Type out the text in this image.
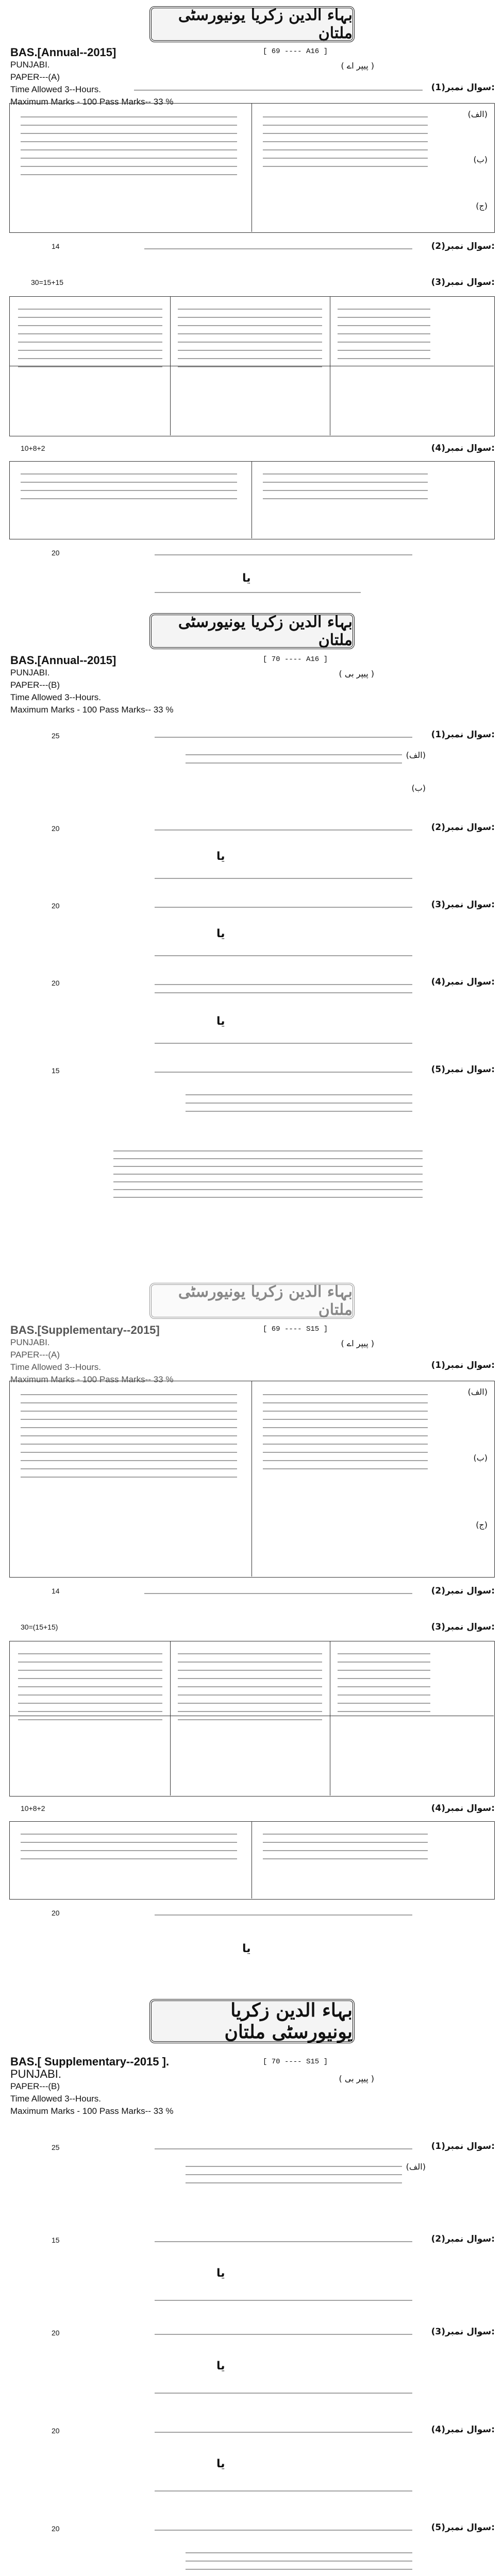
بہاء الدین زکریا یونیورسٹی ملتان
BAS.[Annual--2015]
PUNJABI.
PAPER---(A)
Time Allowed 3--Hours.
Maximum Marks - 100 Pass Marks-- 33 %
[ 69 ---- A16 ]
( پیپر اے )
سوال نمبر(1):
(الف)
(ب)
(ج)
14	سوال نمبر(2):
30=15+15	سوال نمبر(3):
10+8+2	سوال نمبر(4):
20
یا
بہاء الدین زکریا یونیورسٹی ملتان
BAS.[Annual--2015]
PUNJABI.
PAPER---(B)
Time Allowed 3--Hours.
Maximum Marks - 100 Pass Marks-- 33 %
[ 70 ---- A16 ]
( پیپر بی )
25	سوال نمبر(1):
(الف)
(ب)
20	سوال نمبر(2):
یا
20	سوال نمبر(3):
یا
20	سوال نمبر(4):
یا
15	سوال نمبر(5):
بہاء الدین زکریا یونیورسٹی ملتان
BAS.[Supplementary--2015]
PUNJABI.
PAPER---(A)
Time Allowed 3--Hours.
Maximum Marks - 100 Pass Marks-- 33 %
[ 69 ---- S15 ]
( پیپر اے )
سوال نمبر(1):
(الف)
(ب)
(ج)
14	سوال نمبر(2):
30=(15+15)	سوال نمبر(3):
10+8+2	سوال نمبر(4):
20
یا
بہاء الدین زکریا یونیورسٹی ملتان
BAS.[ Supplementary--2015 ].
PUNJABI.
PAPER---(B)
Time Allowed 3--Hours.
Maximum Marks - 100 Pass Marks-- 33 %
[ 70 ---- S15 ]
( پیپر بی )
25	سوال نمبر(1):
(الف)
15	سوال نمبر(2):
یا
20	سوال نمبر(3):
یا
20	سوال نمبر(4):
یا
20	سوال نمبر(5):
